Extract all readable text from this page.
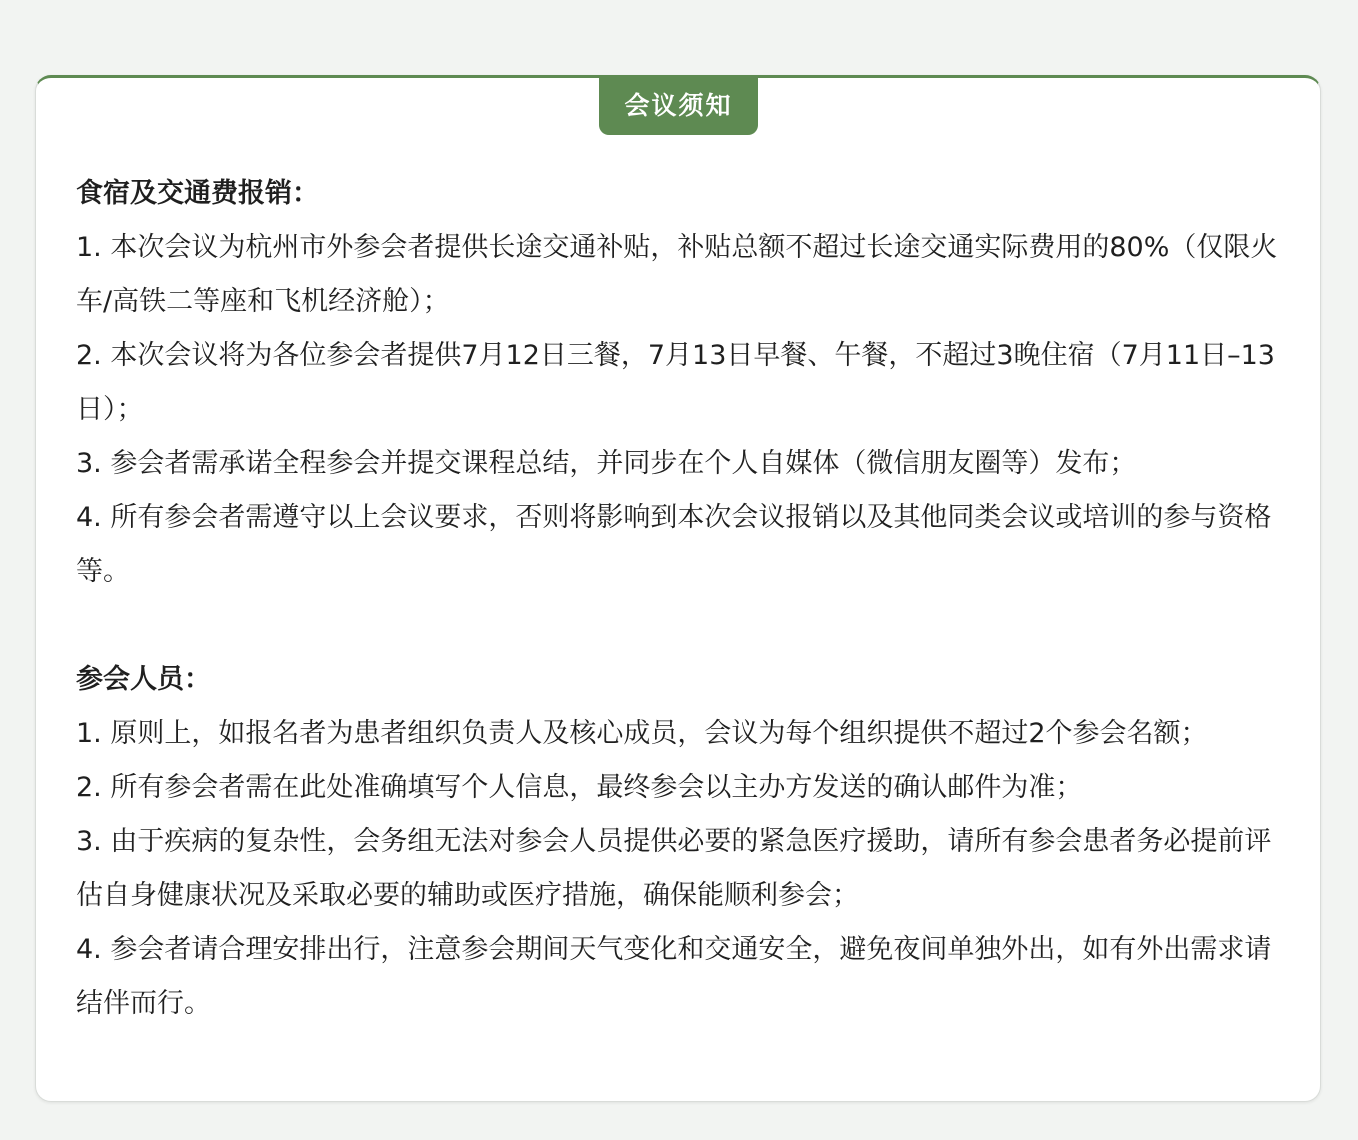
会议须知
食宿及交通费报销：

1. 本次会议为杭州市外参会者提供长途交通补贴，补贴总额不超过长途交通实际费用的80%（仅限火车/高铁二等座和飞机经济舱）；

2. 本次会议将为各位参会者提供7月12日三餐，7月13日早餐、午餐，不超过3晚住宿（7月11日–13日）；

3. 参会者需承诺全程参会并提交课程总结，并同步在个人自媒体（微信朋友圈等）发布；

4. 所有参会者需遵守以上会议要求，否则将影响到本次会议报销以及其他同类会议或培训的参与资格等。

参会人员：

1. 原则上，如报名者为患者组织负责人及核心成员，会议为每个组织提供不超过2个参会名额；

2. 所有参会者需在此处准确填写个人信息，最终参会以主办方发送的确认邮件为准；

3. 由于疾病的复杂性，会务组无法对参会人员提供必要的紧急医疗援助，请所有参会患者务必提前评估自身健康状况及采取必要的辅助或医疗措施，确保能顺利参会；

4. 参会者请合理安排出行，注意参会期间天气变化和交通安全，避免夜间单独外出，如有外出需求请结伴而行。
